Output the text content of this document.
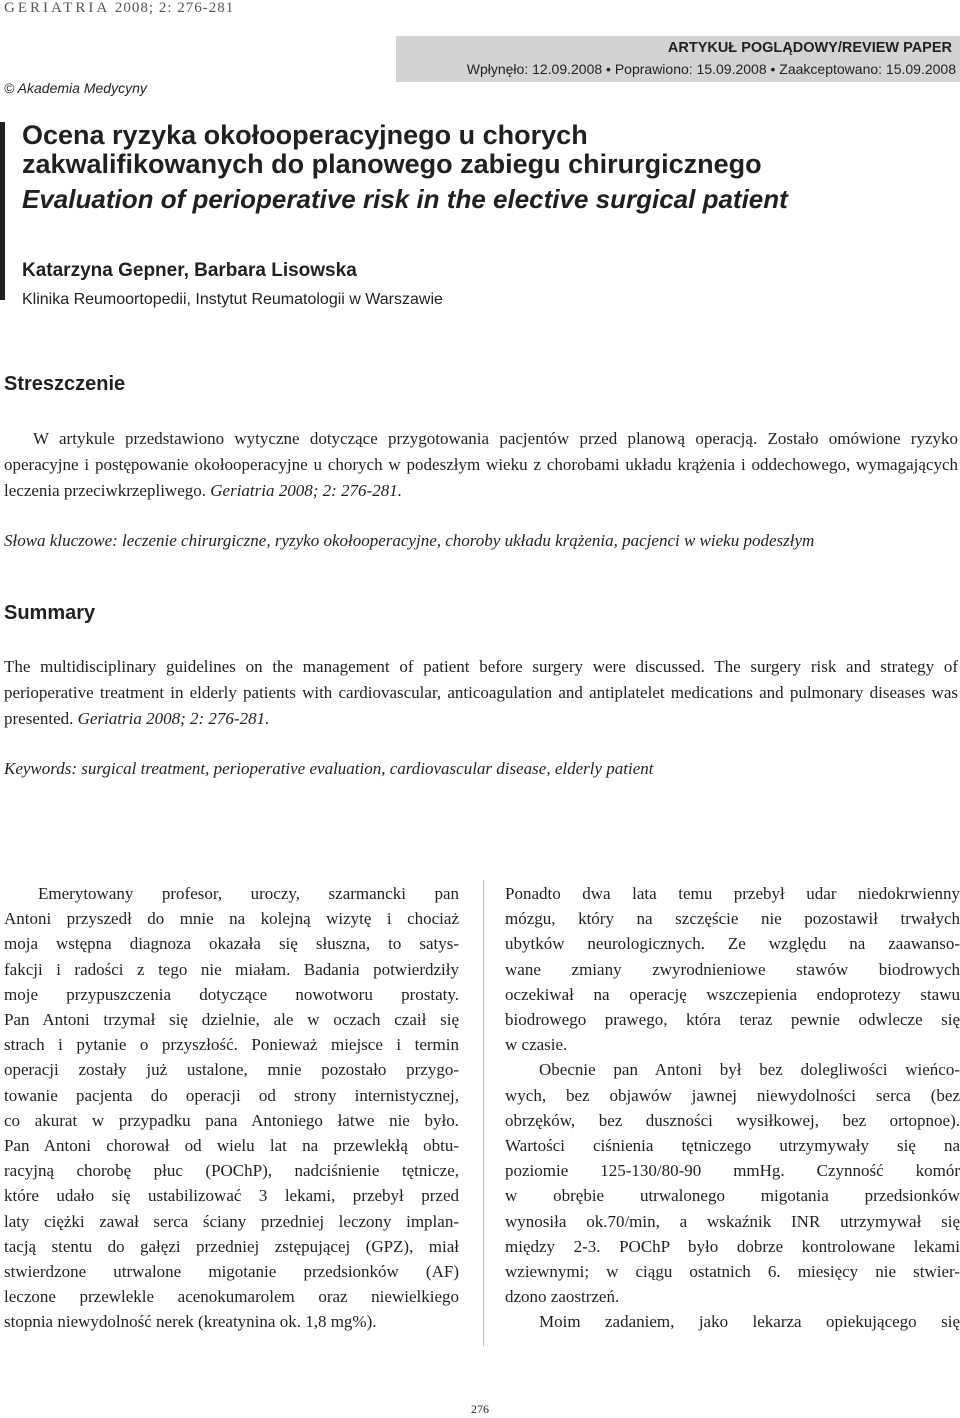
GERIATRIA 2008; 2: 276-281
ARTYKUŁ POGLĄDOWY/REVIEW PAPER
Wpłynęło: 12.09.2008 • Poprawiono: 15.09.2008 • Zaakceptowano: 15.09.2008
© Akademia Medycyny
Ocena ryzyka okołooperacyjnego u chorych
zakwalifikowanych do planowego zabiegu chirurgicznego
Evaluation of perioperative risk in the elective surgical patient
Katarzyna Gepner, Barbara Lisowska
Klinika Reumoortopedii, Instytut Reumatologii w Warszawie
Streszczenie
W artykule przedstawiono wytyczne dotyczące przygotowania pacjentów przed planową operacją. Zostało omówione ryzyko operacyjne i postępowanie okołooperacyjne u chorych w podeszłym wieku z chorobami układu krążenia i oddechowego, wymagających leczenia przeciwkrzepliwego. Geriatria 2008; 2: 276-281.
Słowa kluczowe: leczenie chirurgiczne, ryzyko okołooperacyjne, choroby układu krążenia, pacjenci w wieku podeszłym
Summary
The multidisciplinary guidelines on the management of patient before surgery were discussed. The surgery risk and strategy of perioperative treatment in elderly patients with cardiovascular, anticoagulation and antiplatelet medications and pulmonary diseases was presented. Geriatria 2008; 2: 276-281.
Keywords: surgical treatment, perioperative evaluation, cardiovascular disease, elderly patient
Emerytowany profesor, uroczy, szarmancki pan
Antoni przyszedł do mnie na kolejną wizytę i chociaż
moja wstępna diagnoza okazała się słuszna, to satys-
fakcji i radości z tego nie miałam. Badania potwierdziły
moje przypuszczenia dotyczące nowotworu prostaty.
Pan Antoni trzymał się dzielnie, ale w oczach czaił się
strach i pytanie o przyszłość. Ponieważ miejsce i termin
operacji zostały już ustalone, mnie pozostało przygo-
towanie pacjenta do operacji od strony internistycznej,
co akurat w przypadku pana Antoniego łatwe nie było.
Pan Antoni chorował od wielu lat na przewlekłą obtu-
racyjną chorobę płuc (POChP), nadciśnienie tętnicze,
które udało się ustabilizować 3 lekami, przebył przed
laty ciężki zawał serca ściany przedniej leczony implan-
tacją stentu do gałęzi przedniej zstępującej (GPZ), miał
stwierdzone utrwalone migotanie przedsionków (AF)
leczone przewlekle acenokumarolem oraz niewielkiego
stopnia niewydolność nerek (kreatynina ok. 1,8 mg%).
Ponadto dwa lata temu przebył udar niedokrwienny
mózgu, który na szczęście nie pozostawił trwałych
ubytków neurologicznych. Ze względu na zaawanso-
wane zmiany zwyrodnieniowe stawów biodrowych
oczekiwał na operację wszczepienia endoprotezy stawu
biodrowego prawego, która teraz pewnie odwlecze się
w czasie.
Obecnie pan Antoni był bez dolegliwości wieńco-
wych, bez objawów jawnej niewydolności serca (bez
obrzęków, bez duszności wysiłkowej, bez ortopnoe).
Wartości ciśnienia tętniczego utrzymywały się na
poziomie 125-130/80-90 mmHg. Czynność komór
w obrębie utrwalonego migotania przedsionków
wynosiła ok.70/min, a wskaźnik INR utrzymywał się
między 2-3. POChP było dobrze kontrolowane lekami
wziewnymi; w ciągu ostatnich 6. miesięcy nie stwier-
dzono zaostrzeń.
Moim zadaniem, jako lekarza opiekującego się
276
